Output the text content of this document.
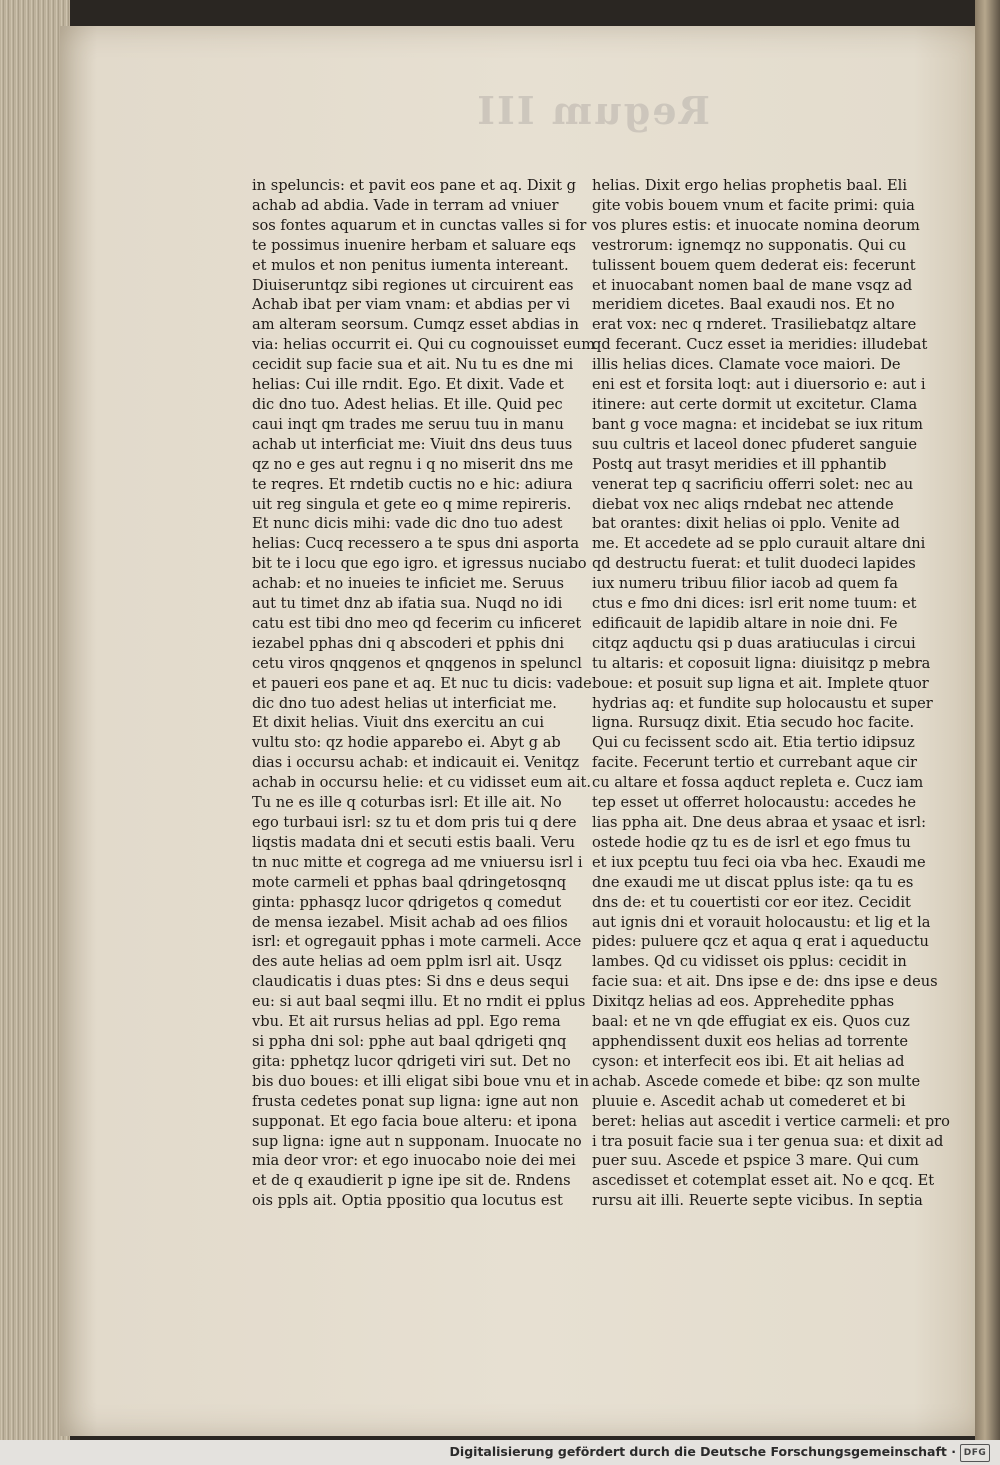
Regum III
in speluncis: et pavit eos pane et aq. Dixit g
achab ad abdia. Vade in terram ad vniuer
sos fontes aquarum et in cunctas valles si for
te possimus inuenire herbam et saluare eqs
et mulos et non penitus iumenta intereant.
Diuiseruntqz sibi regiones ut circuirent eas
Achab ibat per viam vnam: et abdias per vi
am alteram seorsum. Cumqz esset abdias in
via: helias occurrit ei. Qui cu cognouisset eum
cecidit sup facie sua et ait. Nu tu es dne mi
helias: Cui ille rndit. Ego. Et dixit. Vade et
dic dno tuo. Adest helias. Et ille. Quid pec
caui inqt qm trades me seruu tuu in manu
achab ut interficiat me: Viuit dns deus tuus
qz no e ges aut regnu i q no miserit dns me
te reqres. Et rndetib cuctis no e hic: adiura
uit reg singula et gete eo q mime repireris.
Et nunc dicis mihi: vade dic dno tuo adest
helias: Cucq recessero a te spus dni asporta
bit te i locu que ego igro. et igressus nuciabo
achab: et no inueies te inficiet me. Seruus
aut tu timet dnz ab ifatia sua. Nuqd no idi
catu est tibi dno meo qd fecerim cu inficeret
iezabel pphas dni q abscoderi et pphis dni
cetu viros qnqgenos et qnqgenos in speluncl
et paueri eos pane et aq. Et nuc tu dicis: vade
dic dno tuo adest helias ut interficiat me.
Et dixit helias. Viuit dns exercitu an cui
vultu sto: qz hodie apparebo ei. Abyt g ab
dias i occursu achab: et indicauit ei. Venitqz
achab in occursu helie: et cu vidisset eum ait.
Tu ne es ille q coturbas isrl: Et ille ait. No
ego turbaui isrl: sz tu et dom pris tui q dere
liqstis madata dni et secuti estis baali. Veru
tn nuc mitte et cogrega ad me vniuersu isrl i
mote carmeli et pphas baal qdringetosqnq
ginta: pphasqz lucor qdrigetos q comedut
de mensa iezabel. Misit achab ad oes filios
isrl: et ogregauit pphas i mote carmeli. Acce
des aute helias ad oem pplm isrl ait. Usqz
claudicatis i duas ptes: Si dns e deus sequi
eu: si aut baal seqmi illu. Et no rndit ei pplus
vbu. Et ait rursus helias ad ppl. Ego rema
si ppha dni sol: pphe aut baal qdrigeti qnq
gita: pphetqz lucor qdrigeti viri sut. Det no
bis duo boues: et illi eligat sibi boue vnu et in
frusta cedetes ponat sup ligna: igne aut non
supponat. Et ego facia boue alteru: et ipona
sup ligna: igne aut n supponam. Inuocate no
mia deor vror: et ego inuocabo noie dei mei
et de q exaudierit p igne ipe sit de. Rndens
ois ppls ait. Optia ppositio qua locutus est
helias. Dixit ergo helias prophetis baal. Eli
gite vobis bouem vnum et facite primi: quia
vos plures estis: et inuocate nomina deorum
vestrorum: ignemqz no supponatis. Qui cu
tulissent bouem quem dederat eis: fecerunt
et inuocabant nomen baal de mane vsqz ad
meridiem dicetes. Baal exaudi nos. Et no
erat vox: nec q rnderet. Trasiliebatqz altare
qd fecerant. Cucz esset ia meridies: illudebat
illis helias dices. Clamate voce maiori. De
eni est et forsita loqt: aut i diuersorio e: aut i
itinere: aut certe dormit ut excitetur. Clama
bant g voce magna: et incidebat se iux ritum
suu cultris et laceol donec pfuderet sanguie
Postq aut trasyt meridies et ill pphantib
venerat tep q sacrificiu offerri solet: nec au
diebat vox nec aliqs rndebat nec attende
bat orantes: dixit helias oi pplo. Venite ad
me. Et accedete ad se pplo curauit altare dni
qd destructu fuerat: et tulit duodeci lapides
iux numeru tribuu filior iacob ad quem fa
ctus e fmo dni dices: isrl erit nome tuum: et
edificauit de lapidib altare in noie dni. Fe
citqz aqductu qsi p duas aratiuculas i circui
tu altaris: et coposuit ligna: diuisitqz p mebra
boue: et posuit sup ligna et ait. Implete qtuor
hydrias aq: et fundite sup holocaustu et super
ligna. Rursuqz dixit. Etia secudo hoc facite.
Qui cu fecissent scdo ait. Etia tertio idipsuz
facite. Fecerunt tertio et currebant aque cir
cu altare et fossa aqduct repleta e. Cucz iam
tep esset ut offerret holocaustu: accedes he
lias ppha ait. Dne deus abraa et ysaac et isrl:
ostede hodie qz tu es de isrl et ego fmus tu
et iux pceptu tuu feci oia vba hec. Exaudi me
dne exaudi me ut discat pplus iste: qa tu es
dns de: et tu couertisti cor eor itez. Cecidit
aut ignis dni et vorauit holocaustu: et lig et la
pides: puluere qcz et aqua q erat i aqueductu
lambes. Qd cu vidisset ois pplus: cecidit in
facie sua: et ait. Dns ipse e de: dns ipse e deus
Dixitqz helias ad eos. Apprehedite pphas
baal: et ne vn qde effugiat ex eis. Quos cuz
apphendissent duxit eos helias ad torrente
cyson: et interfecit eos ibi. Et ait helias ad
achab. Ascede comede et bibe: qz son multe
pluuie e. Ascedit achab ut comederet et bi
beret: helias aut ascedit i vertice carmeli: et pro
i tra posuit facie sua i ter genua sua: et dixit ad
puer suu. Ascede et pspice 3 mare. Qui cum
ascedisset et cotemplat esset ait. No e qcq. Et
rursu ait illi. Reuerte septe vicibus. In septia
Digitalisierung gefördert durch die Deutsche Forschungsgemeinschaft · DFG
